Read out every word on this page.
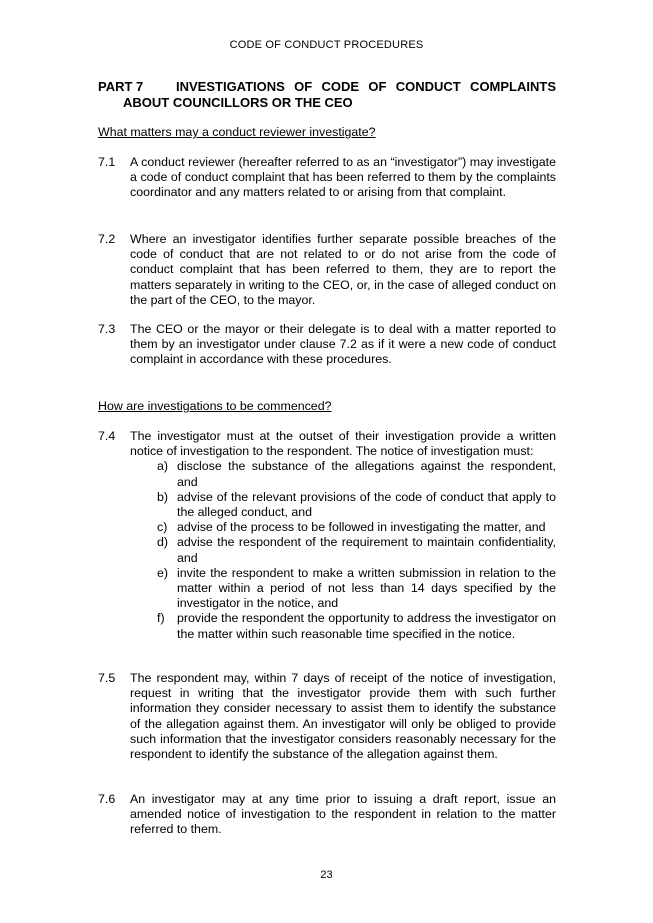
CODE OF CONDUCT PROCEDURES
PART 7	INVESTIGATIONS OF CODE OF CONDUCT COMPLAINTS
ABOUT COUNCILLORS OR THE CEO
What matters may a conduct reviewer investigate?
7.1	A conduct reviewer (hereafter referred to as an “investigator”) may investigate a code of conduct complaint that has been referred to them by the complaints coordinator and any matters related to or arising from that complaint.
7.2	Where an investigator identifies further separate possible breaches of the code of conduct that are not related to or do not arise from the code of conduct complaint that has been referred to them, they are to report the matters separately in writing to the CEO, or, in the case of alleged conduct on the part of the CEO, to the mayor.
7.3	The CEO or the mayor or their delegate is to deal with a matter reported to them by an investigator under clause 7.2 as if it were a new code of conduct complaint in accordance with these procedures.
How are investigations to be commenced?
7.4	The investigator must at the outset of their investigation provide a written notice of investigation to the respondent. The notice of investigation must:
a) disclose the substance of the allegations against the respondent, and
b) advise of the relevant provisions of the code of conduct that apply to the alleged conduct, and
c) advise of the process to be followed in investigating the matter, and
d) advise the respondent of the requirement to maintain confidentiality, and
e) invite the respondent to make a written submission in relation to the matter within a period of not less than 14 days specified by the investigator in the notice, and
f)	provide the respondent the opportunity to address the investigator on the matter within such reasonable time specified in the notice.
7.5	The respondent may, within 7 days of receipt of the notice of investigation, request in writing that the investigator provide them with such further information they consider necessary to assist them to identify the substance of the allegation against them. An investigator will only be obliged to provide such information that the investigator considers reasonably necessary for the respondent to identify the substance of the allegation against them.
7.6	An investigator may at any time prior to issuing a draft report, issue an amended notice of investigation to the respondent in relation to the matter referred to them.
23
